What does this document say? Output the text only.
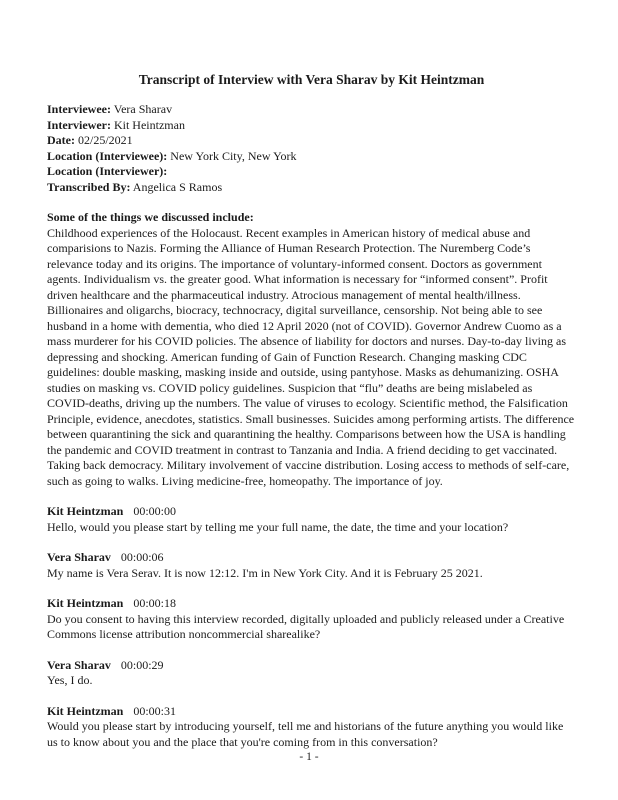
Transcript of Interview with Vera Sharav by Kit Heintzman
Interviewee: Vera Sharav
Interviewer: Kit Heintzman
Date: 02/25/2021
Location (Interviewee): New York City, New York
Location (Interviewer):
Transcribed By: Angelica S Ramos
Some of the things we discussed include:
Childhood experiences of the Holocaust. Recent examples in American history of medical abuse and comparisions to Nazis. Forming the Alliance of Human Research Protection. The Nuremberg Code’s relevance today and its origins. The importance of voluntary-informed consent. Doctors as government agents. Individualism vs. the greater good. What information is necessary for “informed consent”. Profit driven healthcare and the pharmaceutical industry. Atrocious management of mental health/illness. Billionaires and oligarchs, biocracy, technocracy, digital surveillance, censorship. Not being able to see husband in a home with dementia, who died 12 April 2020 (not of COVID). Governor Andrew Cuomo as a mass murderer for his COVID policies. The absence of liability for doctors and nurses. Day-to-day living as depressing and shocking. American funding of Gain of Function Research. Changing masking CDC guidelines: double masking, masking inside and outside, using pantyhose. Masks as dehumanizing. OSHA studies on masking vs. COVID policy guidelines. Suspicion that “flu” deaths are being mislabeled as COVID-deaths, driving up the numbers. The value of viruses to ecology. Scientific method, the Falsification Principle, evidence, anecdotes, statistics. Small businesses. Suicides among performing artists. The difference between quarantining the sick and quarantining the healthy. Comparisons between how the USA is handling the pandemic and COVID treatment in contrast to Tanzania and India. A friend deciding to get vaccinated. Taking back democracy. Military involvement of vaccine distribution. Losing access to methods of self-care, such as going to walks. Living medicine-free, homeopathy. The importance of joy.
Kit Heintzman 00:00:00
Hello, would you please start by telling me your full name, the date, the time and your location?
Vera Sharav 00:00:06
My name is Vera Serav. It is now 12:12. I'm in New York City. And it is February 25 2021.
Kit Heintzman 00:00:18
Do you consent to having this interview recorded, digitally uploaded and publicly released under a Creative Commons license attribution noncommercial sharealike?
Vera Sharav 00:00:29
Yes, I do.
Kit Heintzman 00:00:31
Would you please start by introducing yourself, tell me and historians of the future anything you would like us to know about you and the place that you're coming from in this conversation?
- 1 -
